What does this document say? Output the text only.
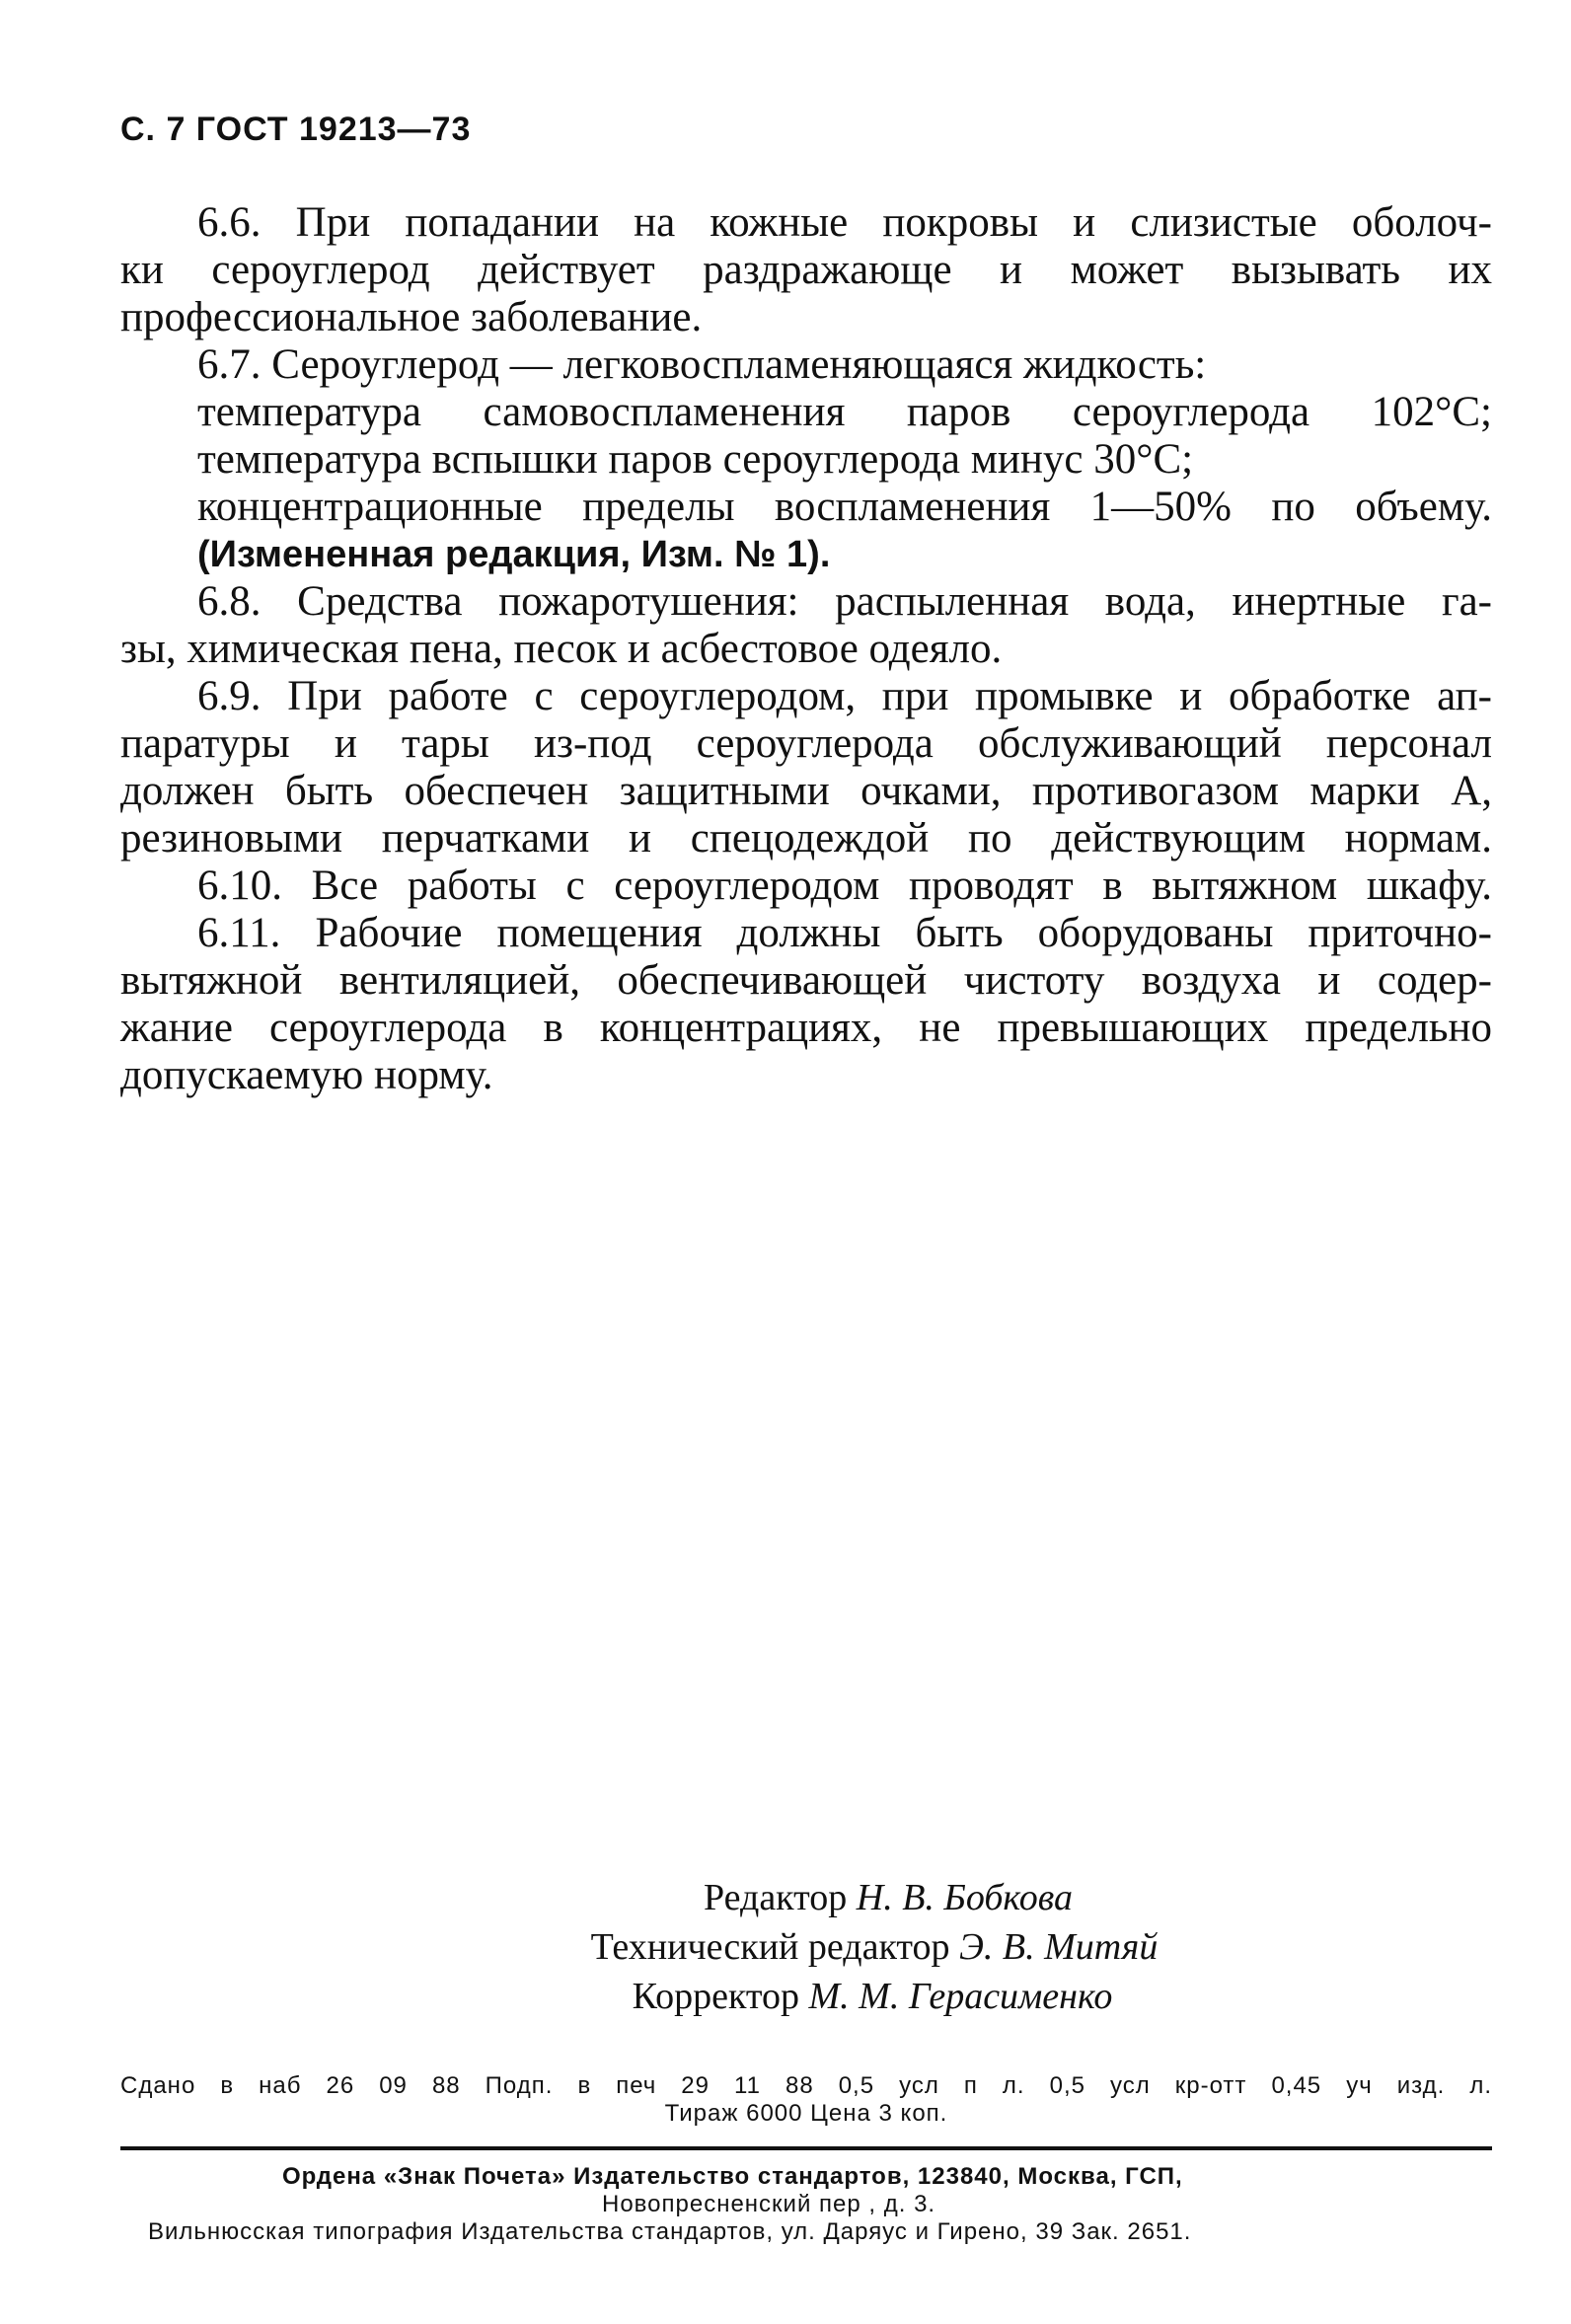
С. 7 ГОСТ 19213—73
6.6. При попадании на кожные покровы и слизистые оболоч-
ки сероуглерод действует раздражающе и может вызывать их
профессиональное заболевание.
6.7. Сероуглерод — легковоспламеняющаяся жидкость:
температура самовоспламенения паров сероуглерода 102°С;
температура вспышки паров сероуглерода минус 30°С;
концентрационные пределы воспламенения 1—50% по объему.
(Измененная редакция, Изм. № 1).
6.8. Средства пожаротушения: распыленная вода, инертные га-
зы, химическая пена, песок и асбестовое одеяло.
6.9. При работе с сероуглеродом, при промывке и обработке ап-
паратуры и тары из-под сероуглерода обслуживающий персонал
должен быть обеспечен защитными очками, противогазом марки А,
резиновыми перчатками и спецодеждой по действующим нормам.
6.10. Все работы с сероуглеродом проводят в вытяжном шкафу.
6.11. Рабочие помещения должны быть оборудованы приточно-
вытяжной вентиляцией, обеспечивающей чистоту воздуха и содер-
жание сероуглерода в концентрациях, не превышающих предельно
допускаемую норму.
Редактор Н. В. Бобкова
Технический редактор Э. В. Митяй
Корректор М. М. Герасименко
Сдано в наб 26 09 88 Подп. в печ 29 11 88 0,5 усл п л. 0,5 усл кр-отт 0,45 уч изд. л.
Тираж 6000 Цена 3 коп.
Ордена «Знак Почета» Издательство стандартов, 123840, Москва, ГСП,
Новопресненский пер , д. 3.
Вильнюсская типография Издательства стандартов, ул. Даряус и Гирено, 39 Зак. 2651.
